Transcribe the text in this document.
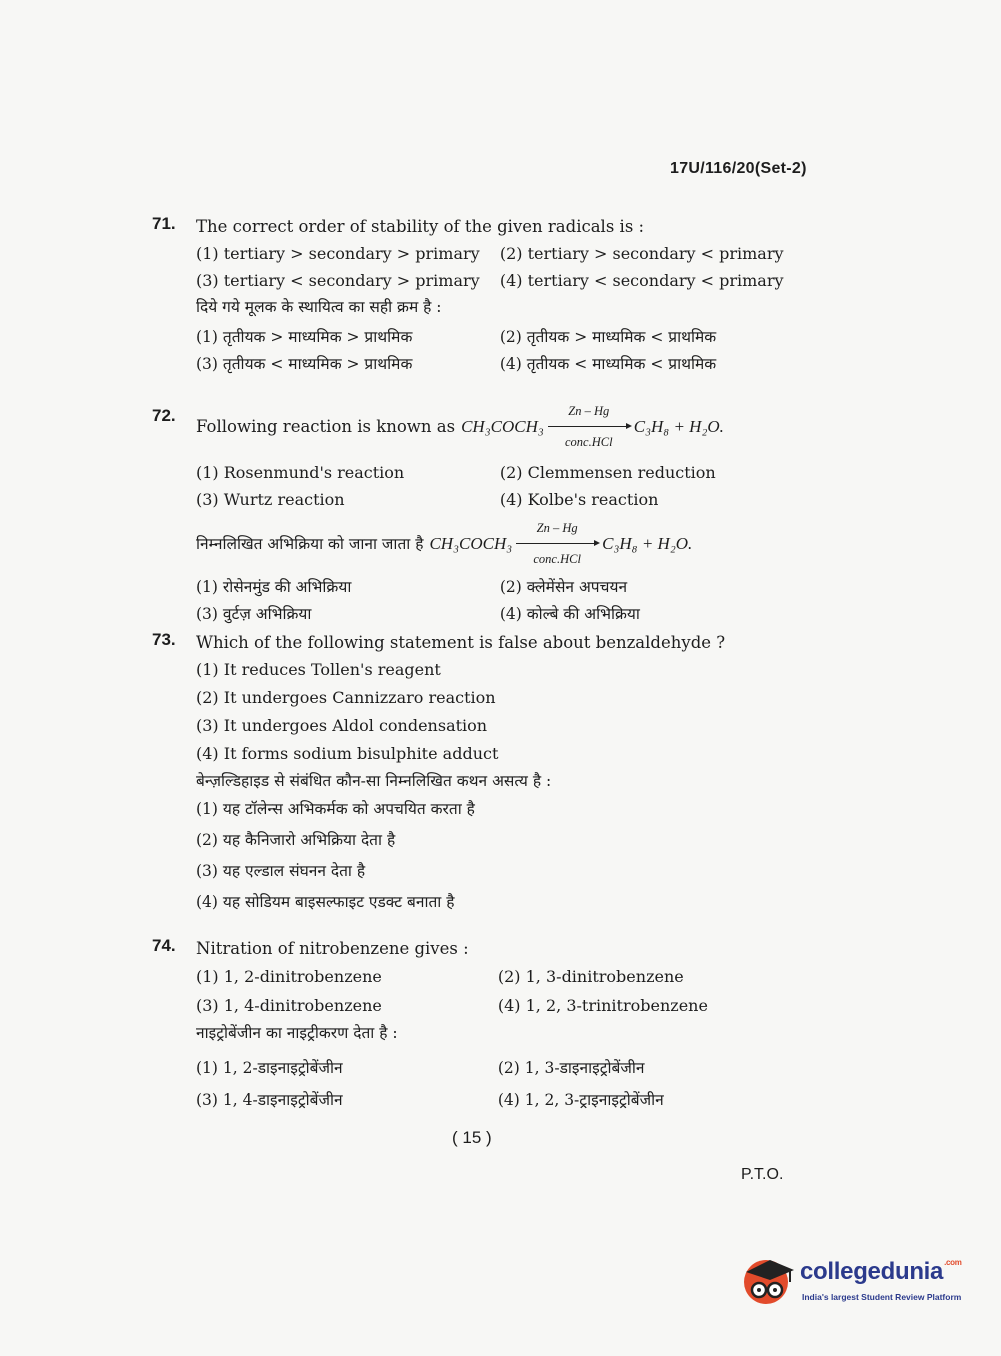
17U/116/20(Set-2)
71. The correct order of stability of the given radicals is :
(1) tertiary > secondary > primary	(2) tertiary > secondary < primary
(3) tertiary < secondary > primary	(4) tertiary < secondary < primary
दिये गये मूलक के स्थायित्व का सही क्रम है :
(1) तृतीयक > माध्यमिक > प्राथमिक	(2) तृतीयक > माध्यमिक < प्राथमिक
(3) तृतीयक < माध्यमिक > प्राथमिक	(4) तृतीयक < माध्यमिक < प्राथमिक
72.
Following reaction is known as CH₃COCH₃
Zn – Hg
conc.HCl
C₃H₈ + H₂O.
(1) Rosenmund's reaction	(2) Clemmensen reduction
(3) Wurtz reaction	(4) Kolbe's reaction
निम्नलिखित अभिक्रिया को जाना जाता है CH₃COCH₃
Zn – Hg
conc.HCl
C₃H₈ + H₂O.
(1) रोसेनमुंड की अभिक्रिया	(2) क्लेमेंसेन अपचयन
(3) वुर्टज़ अभिक्रिया	(4) कोल्बे की अभिक्रिया
73. Which of the following statement is false about benzaldehyde ?
(1) It reduces Tollen's reagent
(2) It undergoes Cannizzaro reaction
(3) It undergoes Aldol condensation
(4) It forms sodium bisulphite adduct
बेन्ज़ल्डिहाइड से संबंधित कौन-सा निम्नलिखित कथन असत्य है :
(1) यह टॉलेन्स अभिकर्मक को अपचयित करता है
(2) यह कैनिजारो अभिक्रिया देता है
(3) यह एल्डाल संघनन देता है
(4) यह सोडियम बाइसल्फाइट एडक्ट बनाता है
74. Nitration of nitrobenzene gives :
(1) 1, 2-dinitrobenzene	(2) 1, 3-dinitrobenzene
(3) 1, 4-dinitrobenzene	(4) 1, 2, 3-trinitrobenzene
नाइट्रोबेंजीन का नाइट्रीकरण देता है :
(1) 1, 2-डाइनाइट्रोबेंजीन	(2) 1, 3-डाइनाइट्रोबेंजीन
(3) 1, 4-डाइनाइट्रोबेंजीन	(4) 1, 2, 3-ट्राइनाइट्रोबेंजीन
( 15 )
P.T.O.
collegedunia$^{.com}$
India's largest Student Review Platform
